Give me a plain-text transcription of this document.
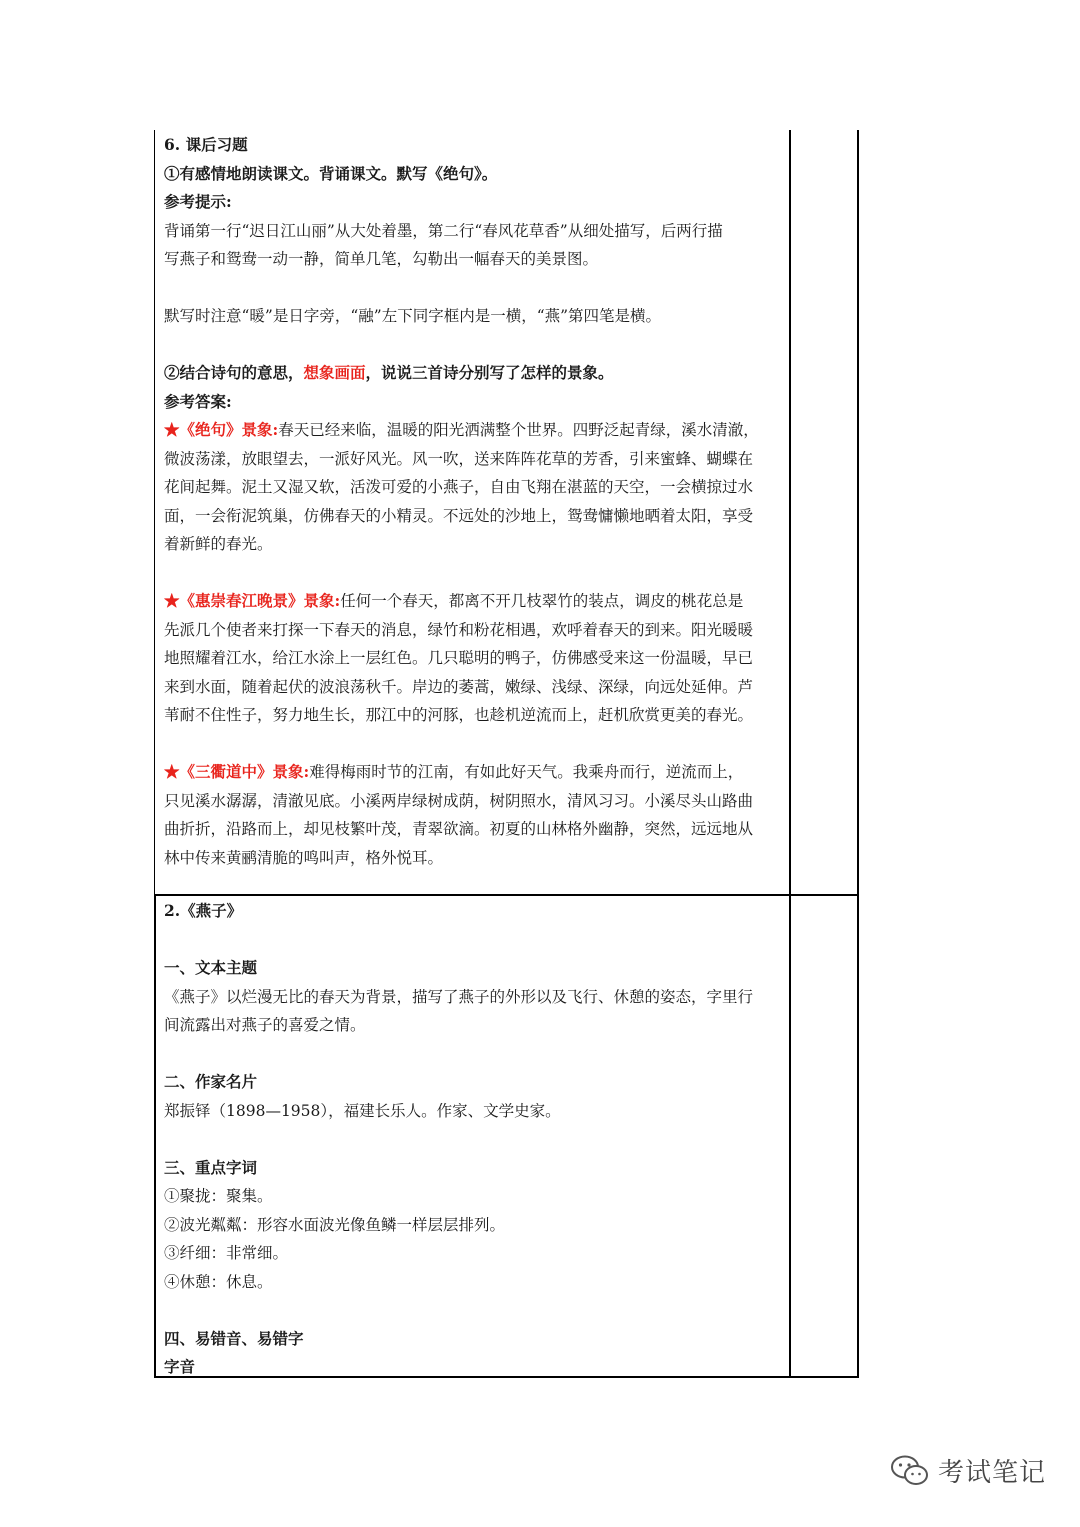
6. 课后习题
①有感情地朗读课文。背诵课文。默写《绝句》。
参考提示:
背诵第一行“迟日江山丽”从大处着墨，第二行“春风花草香”从细处描写，后两行描
写燕子和鸳鸯一动一静，简单几笔，勾勒出一幅春天的美景图。
默写时注意“暖”是日字旁，“融”左下同字框内是一横，“燕”第四笔是横。
②结合诗句的意思，想象画面，说说三首诗分别写了怎样的景象。
参考答案:
★《绝句》景象:春天已经来临，温暖的阳光洒满整个世界。四野泛起青绿，溪水清澈，
微波荡漾，放眼望去，一派好风光。风一吹，送来阵阵花草的芳香，引来蜜蜂、蝴蝶在
花间起舞。泥土又湿又软，活泼可爱的小燕子，自由飞翔在湛蓝的天空，一会横掠过水
面，一会衔泥筑巢，仿佛春天的小精灵。不远处的沙地上，鸳鸯慵懒地晒着太阳，享受
着新鲜的春光。
★《惠崇春江晚景》景象:任何一个春天，都离不开几枝翠竹的装点，调皮的桃花总是
先派几个使者来打探一下春天的消息，绿竹和粉花相遇，欢呼着春天的到来。阳光暖暖
地照耀着江水，给江水涂上一层红色。几只聪明的鸭子，仿佛感受来这一份温暖，早已
来到水面，随着起伏的波浪荡秋千。岸边的萎蒿，嫩绿、浅绿、深绿，向远处延伸。芦
苇耐不住性子，努力地生长，那江中的河豚，也趁机逆流而上，赶机欣赏更美的春光。
★《三衢道中》景象:难得梅雨时节的江南，有如此好天气。我乘舟而行，逆流而上，
只见溪水潺潺，清澈见底。小溪两岸绿树成荫，树阴照水，清风习习。小溪尽头山路曲
曲折折，沿路而上，却见枝繁叶茂，青翠欲滴。初夏的山林格外幽静，突然，远远地从
林中传来黄鹂清脆的鸣叫声，格外悦耳。
2.《燕子》
一、文本主题
《燕子》以烂漫无比的春天为背景，描写了燕子的外形以及飞行、休憩的姿态，字里行
间流露出对燕子的喜爱之情。
二、作家名片
郑振铎（1898—1958），福建长乐人。作家、文学史家。
三、重点字词
①聚拢：聚集。
②波光粼粼：形容水面波光像鱼鳞一样层层排列。
③纤细：非常细。
④休憩：休息。
四、易错音、易错字
字音
考试笔记
